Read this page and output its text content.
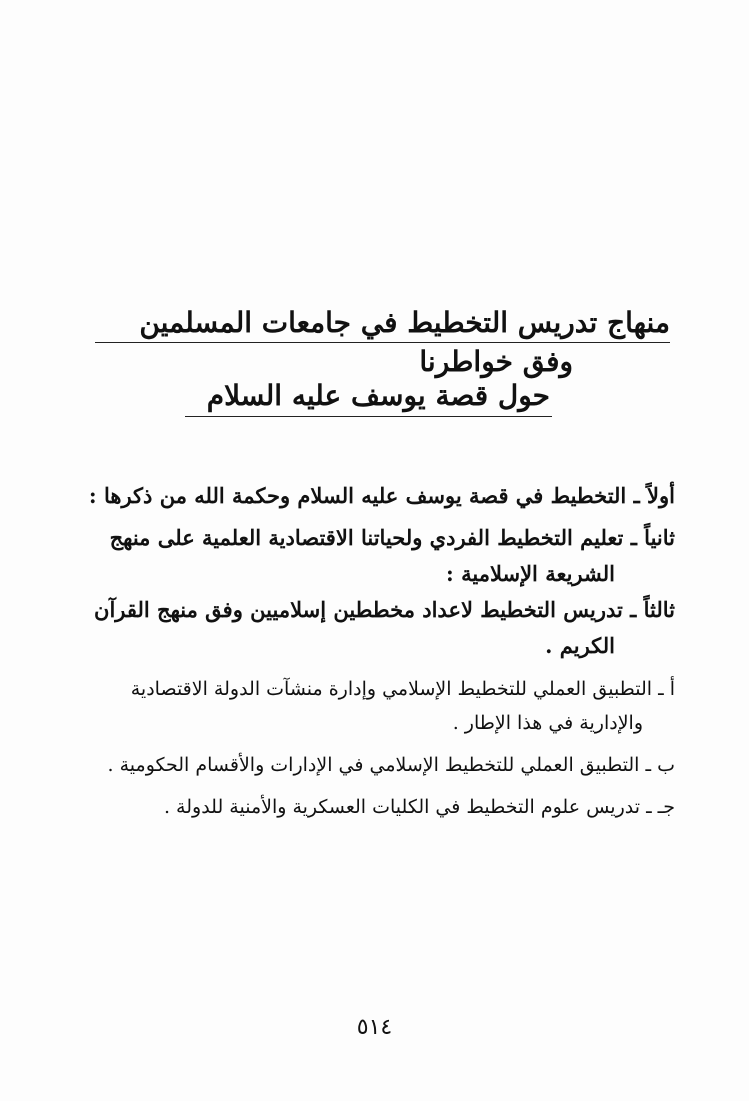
منهاج تدريس التخطيط في جامعات المسلمين
وفق خواطرنا
حول قصة يوسف عليه السلام
أولاً ـ التخطيط في قصة يوسف عليه السلام وحكمة الله من ذكرها :
ثانياً ـ تعليم التخطيط الفردي ولحياتنا الاقتصادية العلمية على منهج
الشريعة الإسلامية :
ثالثاً ـ تدريس التخطيط لاعداد مخططين إسلاميين وفق منهج القرآن
الكريم .
أ ـ التطبيق العملي للتخطيط الإسلامي وإدارة منشآت الدولة الاقتصادية
والإدارية في هذا الإطار .
ب ـ التطبيق العملي للتخطيط الإسلامي في الإدارات والأقسام الحكومية .
جـ ـ تدريس علوم التخطيط في الكليات العسكرية والأمنية للدولة .
٥١٤
